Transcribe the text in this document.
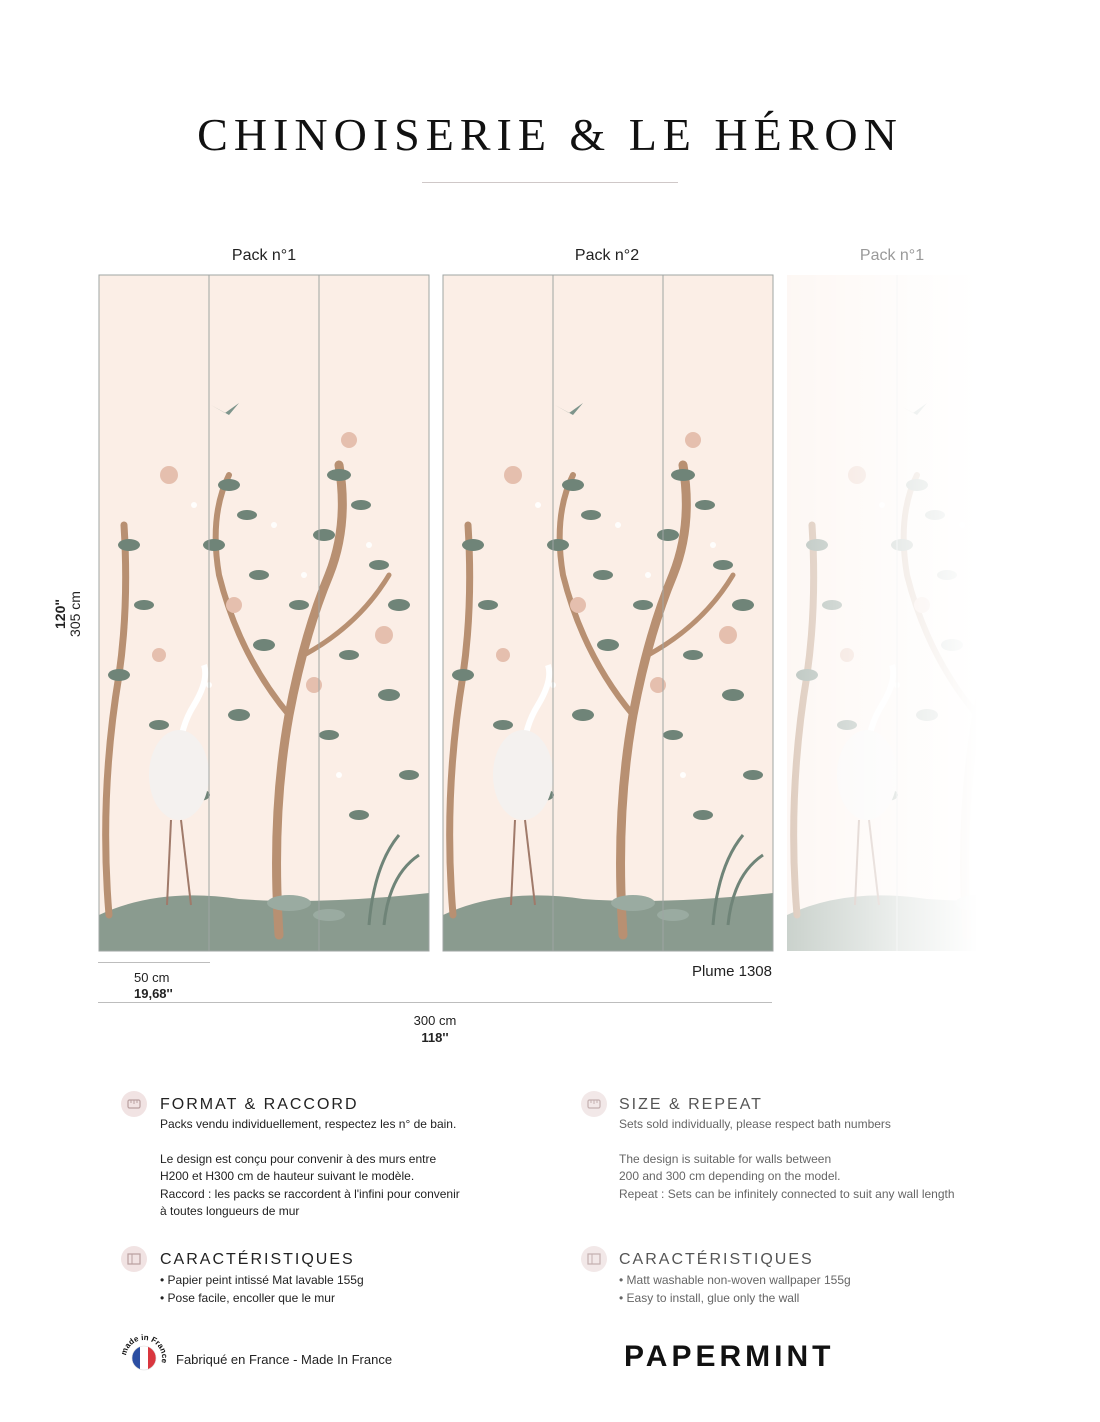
CHINOISERIE & LE HÉRON
Pack n°1	Pack n°2	Pack n°1
120" 305 cm
50 cm
19,68''
Plume 1308
300 cm
118''
FORMAT & RACCORD

Packs vendu individuellement, respectez les n° de bain.

Le design est conçu pour convenir à des murs entre

H200 et H300 cm de hauteur suivant le modèle.

Raccord : les packs se raccordent à l'infini pour convenir

à toutes longueurs de mur

SIZE & REPEAT

Sets sold individually, please respect bath numbers

The design is suitable for walls between

200 and 300 cm depending on the model.

Repeat : Sets can be infinitely connected to suit any wall length

CARACTÉRISTIQUES

• Papier peint intissé Mat lavable 155g

• Pose facile, encoller que le mur

CARACTÉRISTIQUES

• Matt washable non-woven wallpaper 155g

• Easy to install, glue only the wall

made in France Fabriqué en France - Made In France	PAPERMINT
